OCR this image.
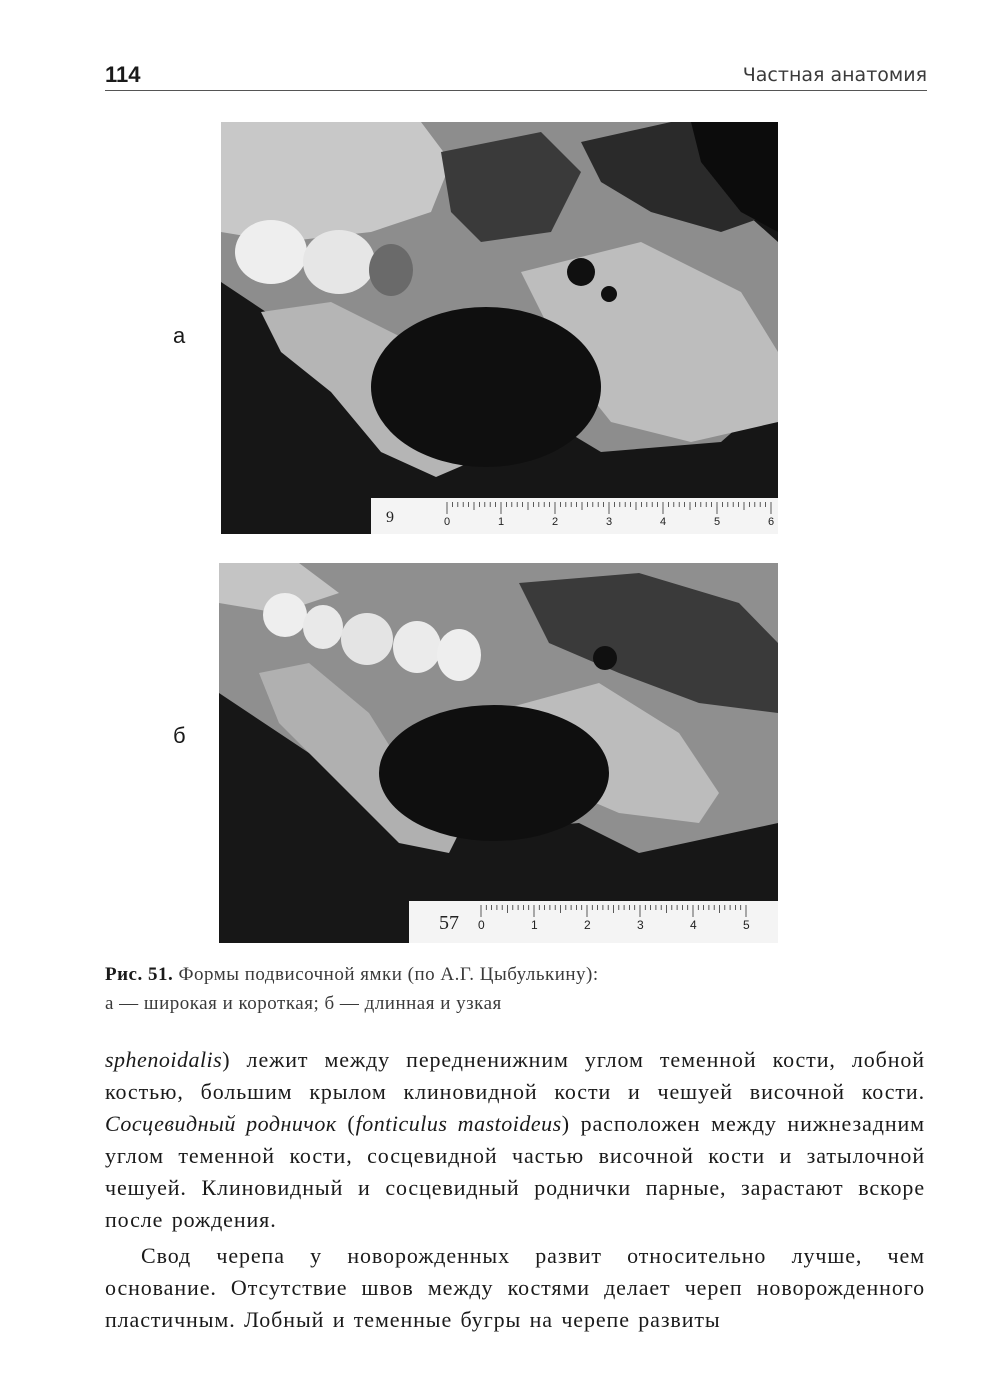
114	Частная анатомия
а
9	0	1	2	3	4	5	6
б
57 0	1	2	3	4	5
Рис. 51. Формы подвисочной ямки (по А.Г. Цыбулькину):
а — широкая и короткая; б — длинная и узкая

sphenoidalis) лежит между передненижним углом теменной кости, лобной костью, большим крылом клиновидной кости и чешуей височной кости. Сосцевидный родничок (fonticulus mastoideus) расположен между нижнезадним углом теменной кости, сосцевидной частью височной кости и затылочной чешуей. Клиновидный и сосцевидный роднички парные, зарастают вскоре после рождения.

Свод черепа у новорожденных развит относительно лучше, чем основание. Отсутствие швов между костями делает череп новорожденного пластичным. Лобный и теменные бугры на черепе развиты
